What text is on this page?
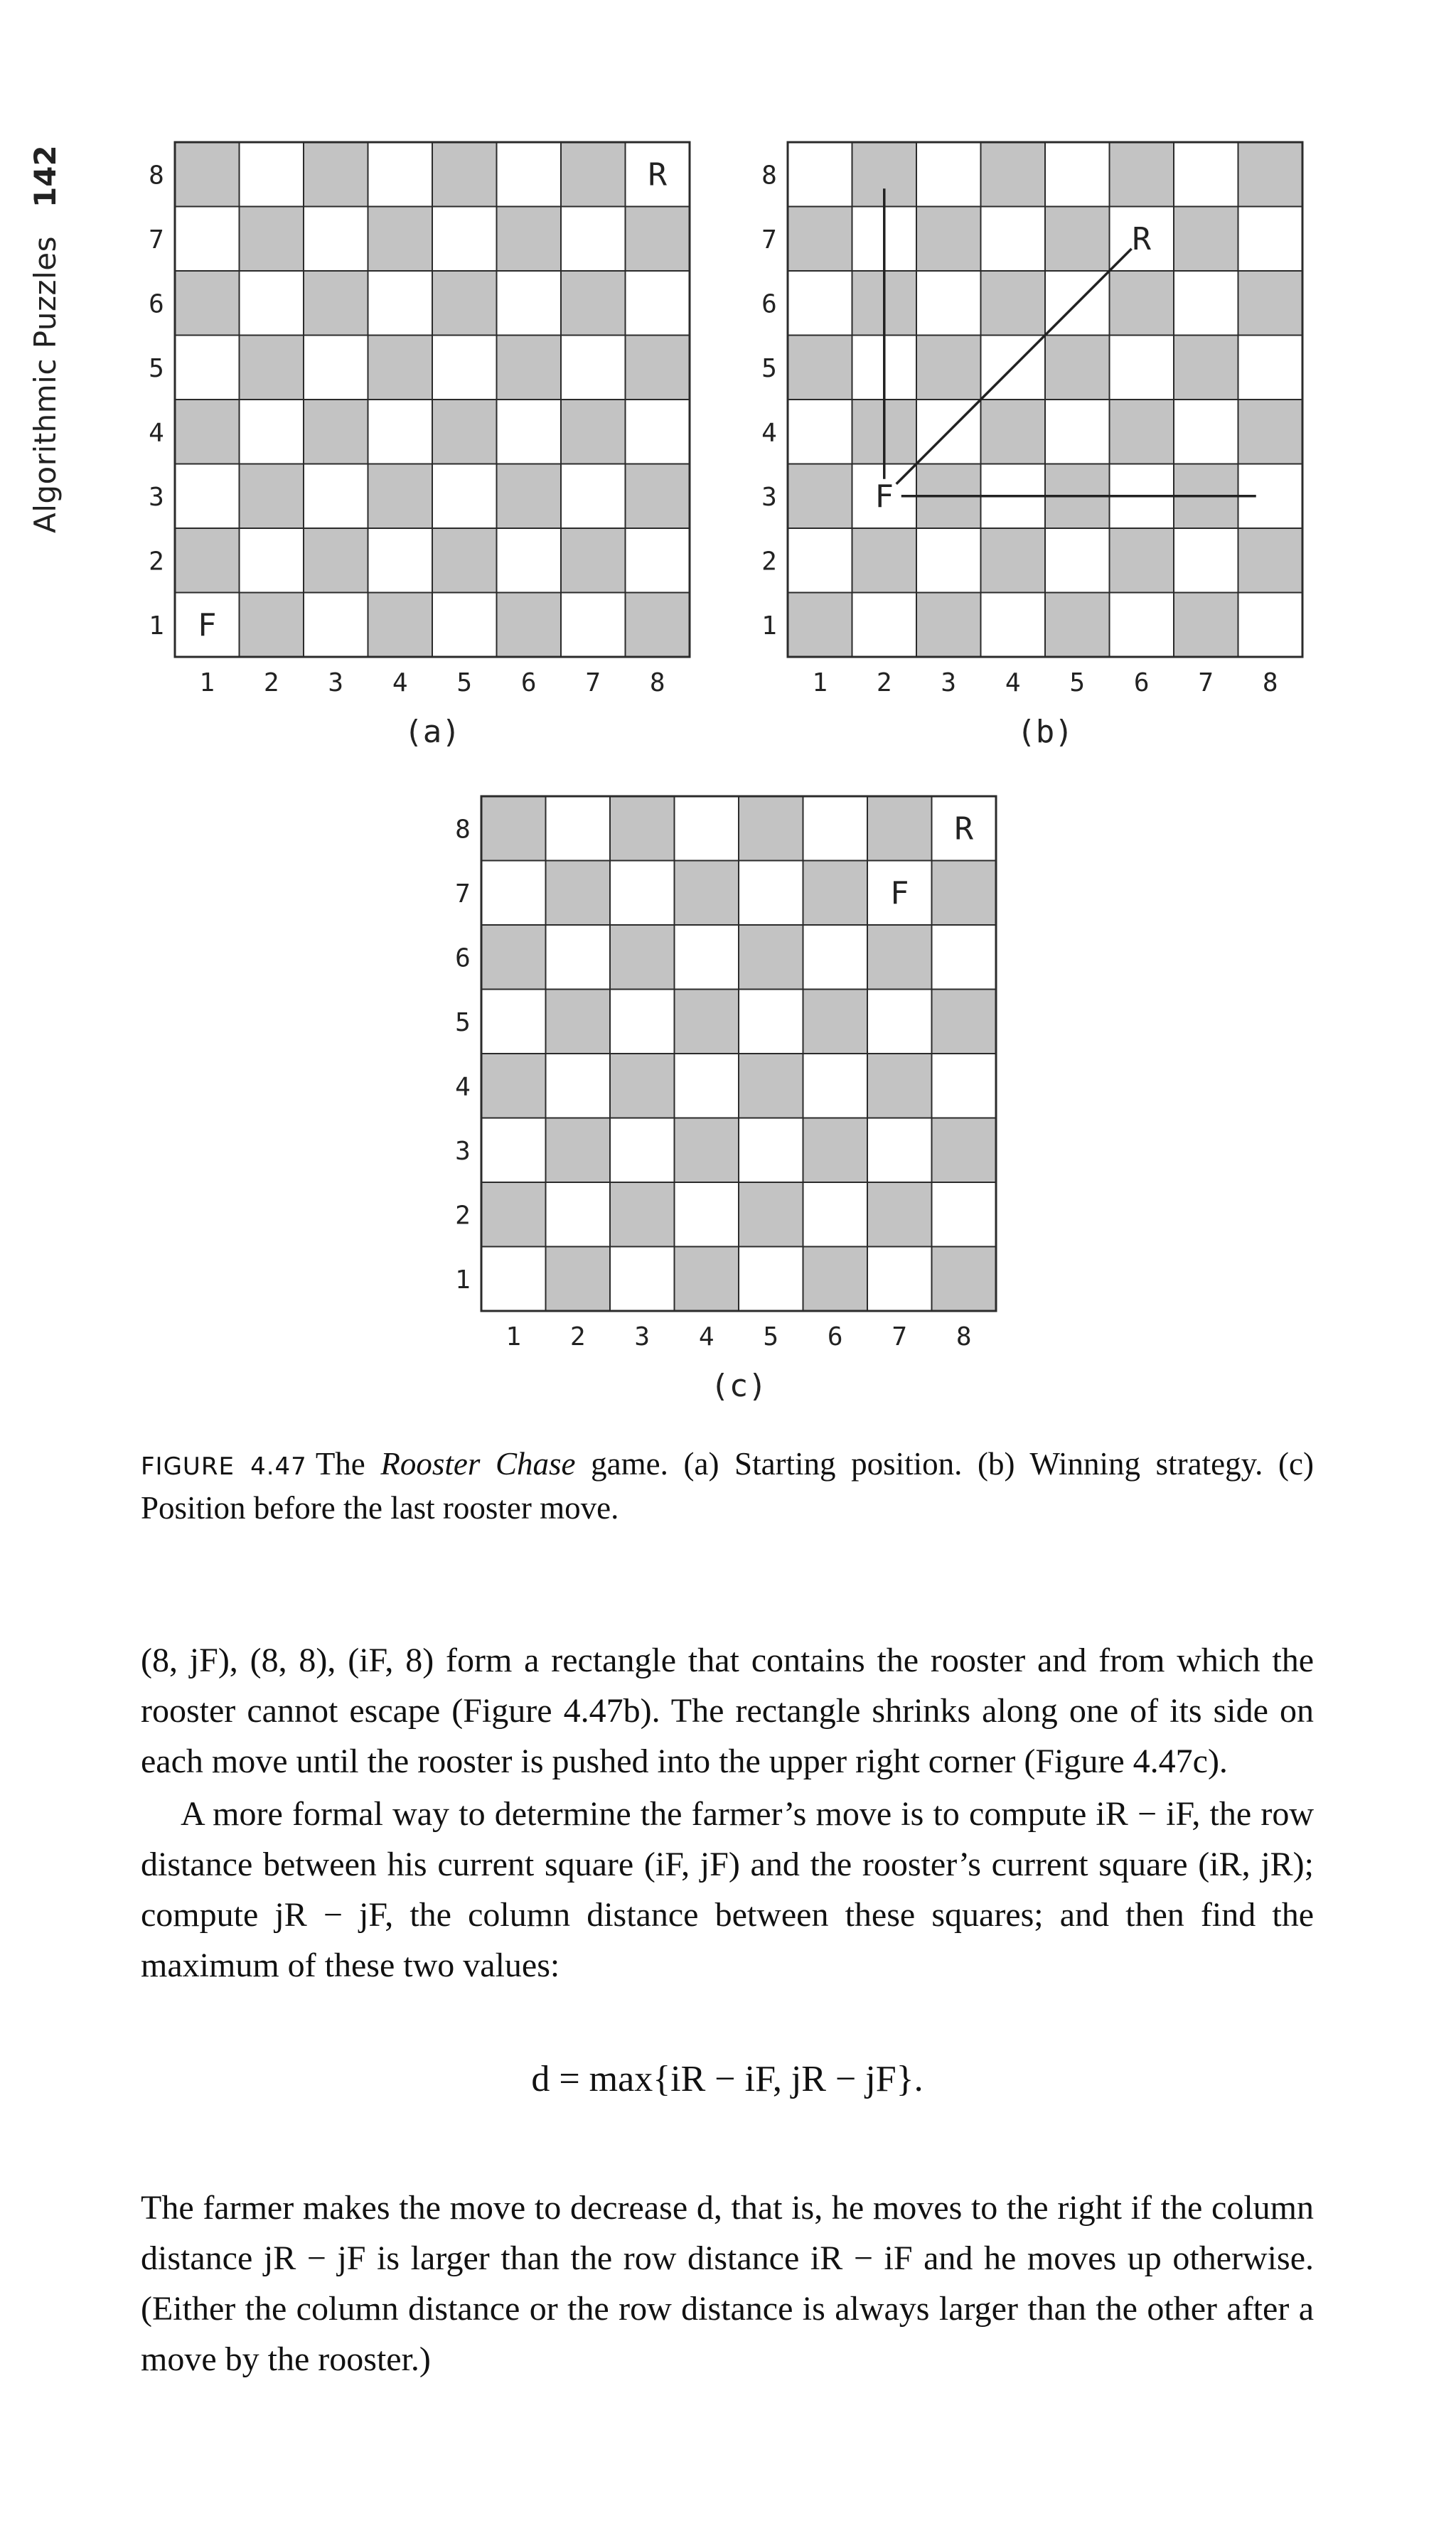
Algorithmic Puzzles
142	R
F
1
2
3
4
5
6
7
8
1 2 3 4 5 6 7 8
(a)
R
F
1
2
3
4
5
6
7
8
1 2 3 4 5 6 7 8
(b)
R
F
1
2
3
4
5
6
7
8
1 2 3 4 5 6 7 8
(c)

FIGURE 4.47 The Rooster Chase game. (a) Starting position. (b) Winning strategy. (c) Position before the last rooster move.

(8, jF), (8, 8), (iF, 8) form a rectangle that contains the rooster and from which the rooster cannot escape (Figure 4.47b). The rectangle shrinks along one of its side on each move until the rooster is pushed into the upper right corner (Figure 4.47c).

A more formal way to determine the farmer’s move is to compute iR − iF, the row distance between his current square (iF, jF) and the rooster’s current square (iR, jR); compute jR − jF, the column distance between these squares; and then find the maximum of these two values:

d = max{iR − iF, jR − jF}.

The farmer makes the move to decrease d, that is, he moves to the right if the column distance jR − jF is larger than the row distance iR − iF and he moves up otherwise. (Either the column distance or the row distance is always larger than the other after a move by the rooster.)
